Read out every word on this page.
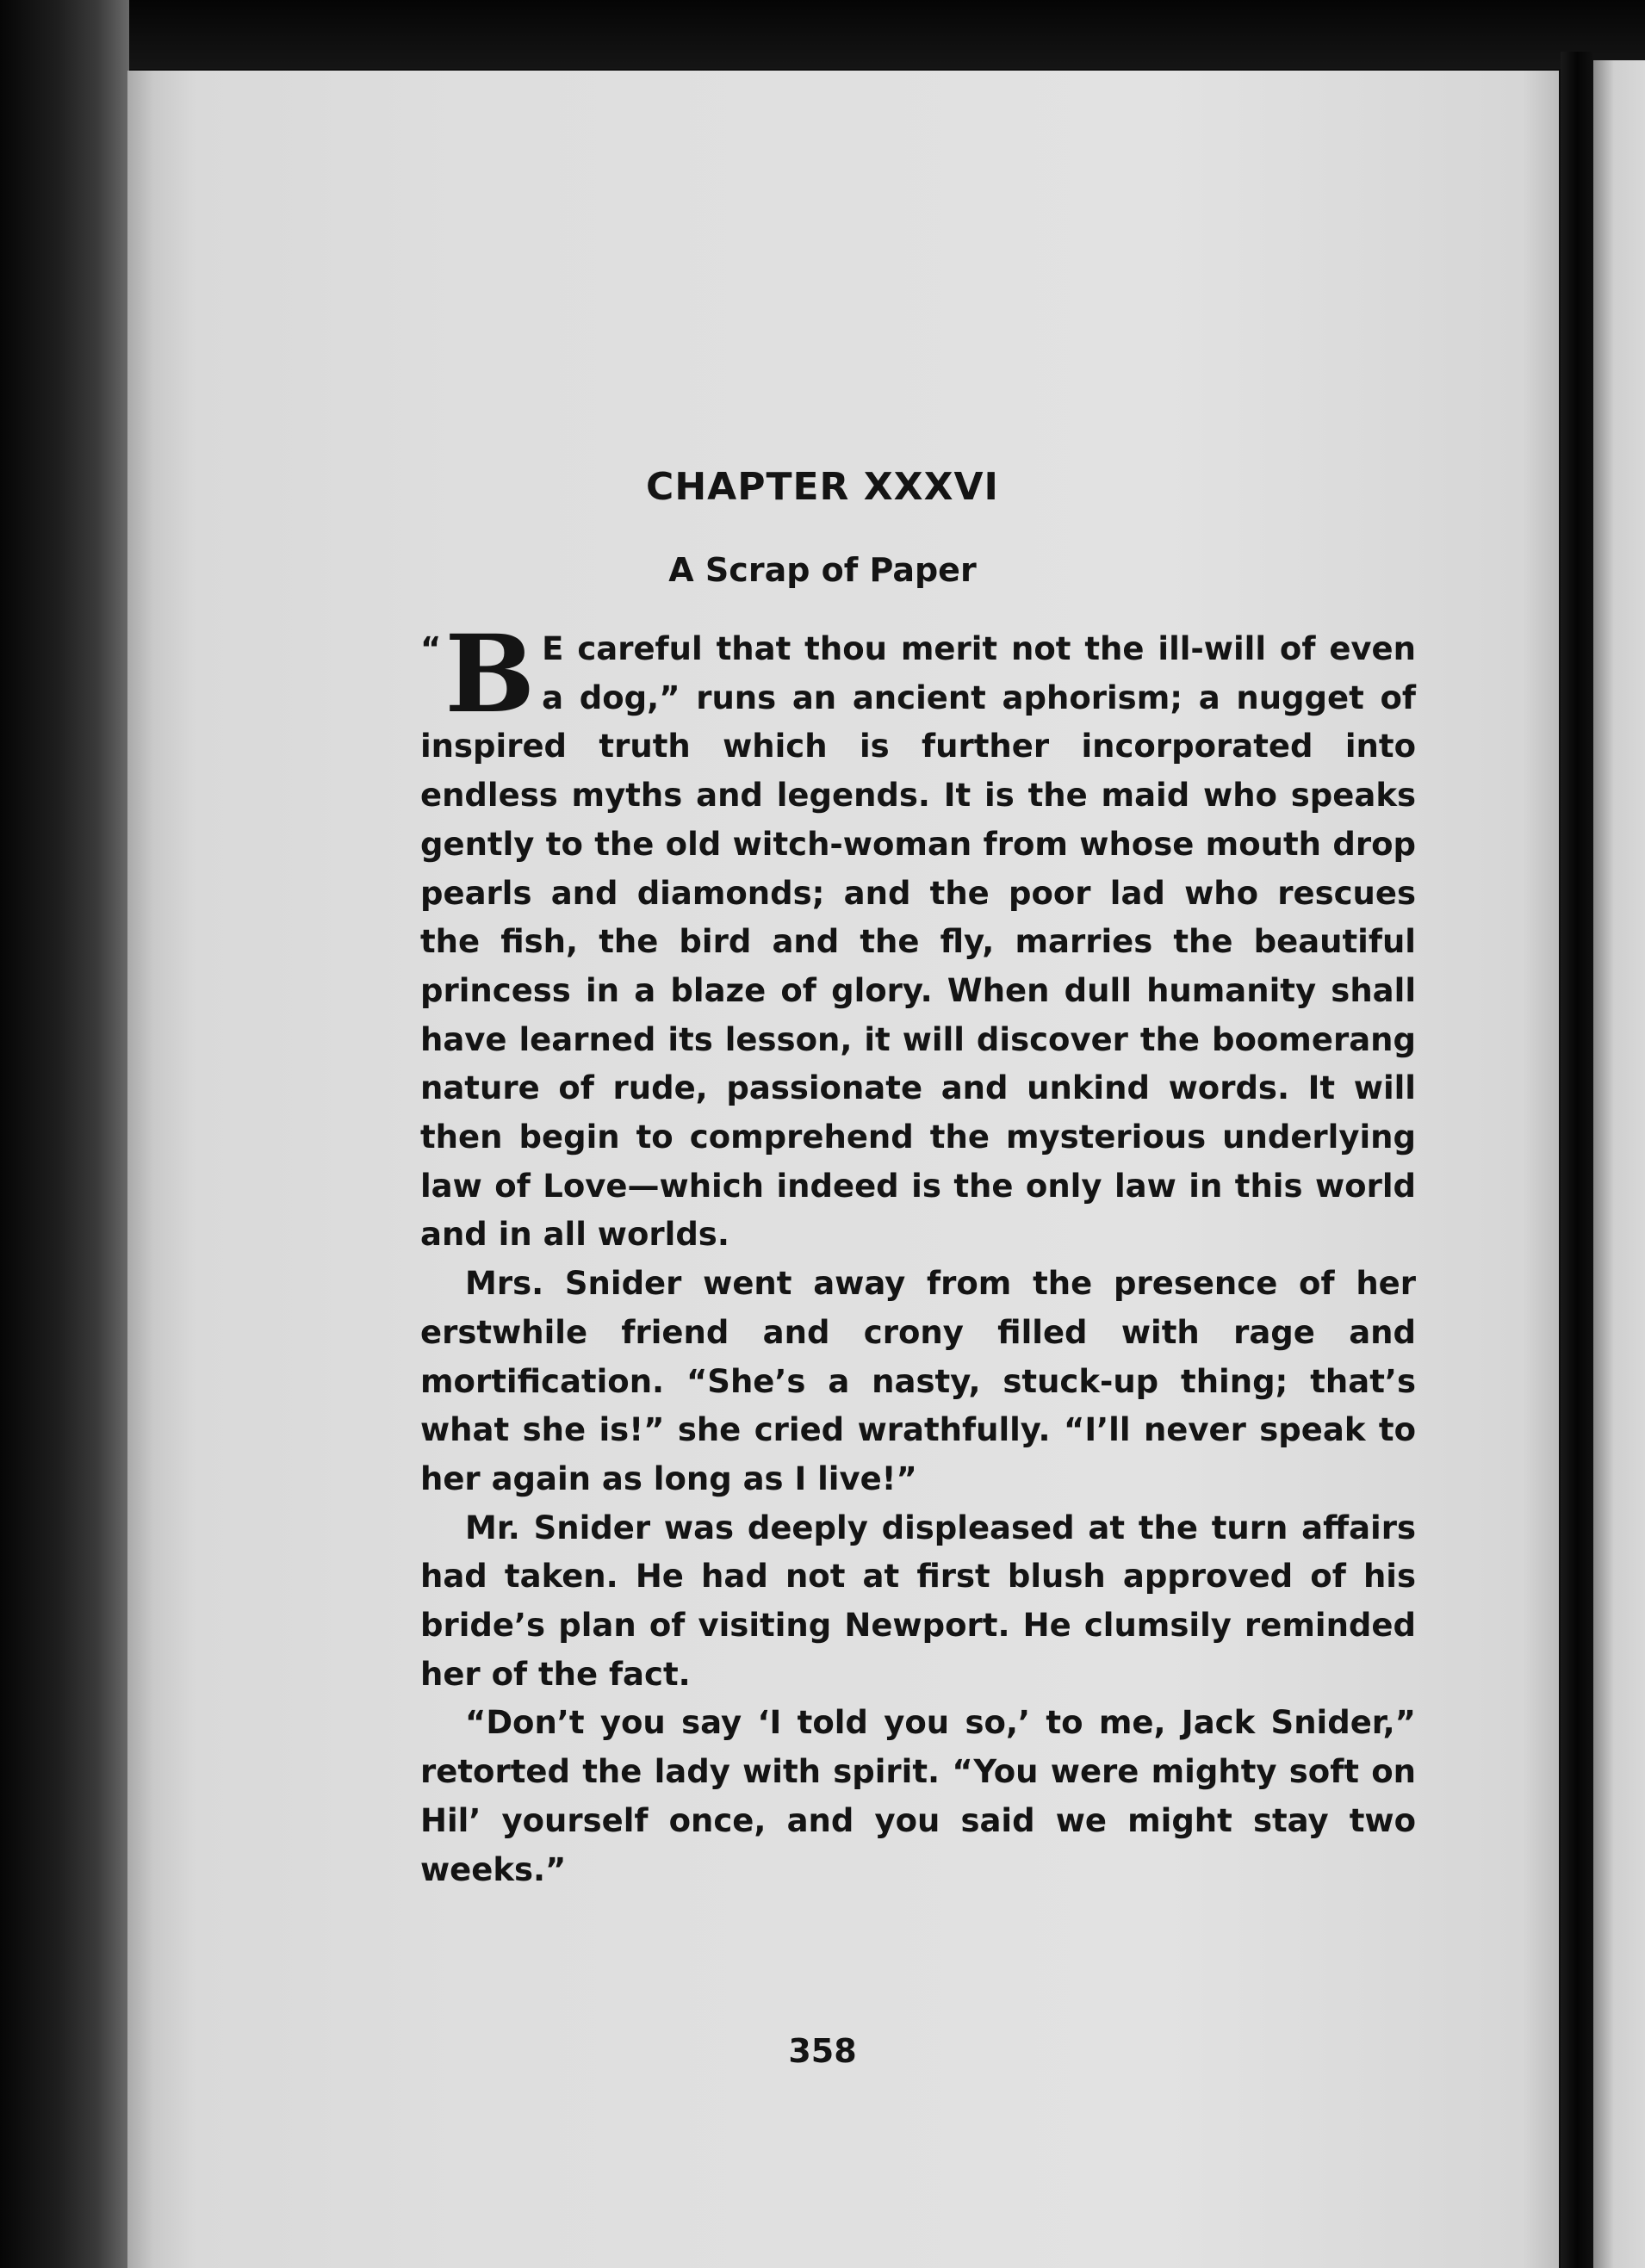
CHAPTER XXXVI
A Scrap of Paper

“ B E careful that thou merit not the ill-will of even a dog,” runs an ancient aphorism; a nugget of inspired truth which is further incorporated into endless myths and legends. It is the maid who speaks gently to the old witch-woman from whose mouth drop pearls and diamonds; and the poor lad who rescues the fish, the bird and the fly, marries the beautiful princess in a blaze of glory. When dull humanity shall have learned its lesson, it will discover the boomerang nature of rude, passionate and unkind words. It will then begin to comprehend the mysterious underlying law of Love—which indeed is the only law in this world and in all worlds.

Mrs. Snider went away from the presence of her erstwhile friend and crony filled with rage and mortification. “She’s a nasty, stuck-up thing; that’s what she is!” she cried wrathfully. “I’ll never speak to her again as long as I live!”

Mr. Snider was deeply displeased at the turn affairs had taken. He had not at first blush approved of his bride’s plan of visiting Newport. He clumsily reminded her of the fact.

“Don’t you say ‘I told you so,’ to me, Jack Snider,” retorted the lady with spirit. “You were mighty soft on Hil’ yourself once, and you said we might stay two weeks.”

358
